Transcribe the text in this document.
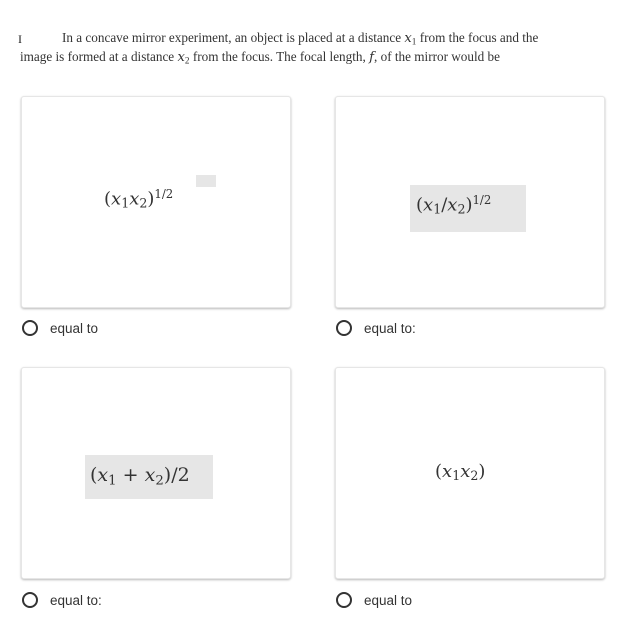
I	In a concave mirror experiment, an object is placed at a distance $x_1$ from the focus and the
image is formed at a distance $x_2$ from the focus. The focal length, f, of the mirror would be
$(x_1x_2)^{1/2}$
equal to
$(x_1/x_2)^{1/2}$
equal to:
$(x_1 + x_2)/2$
equal to:
$(x_1x_2)$
equal to
